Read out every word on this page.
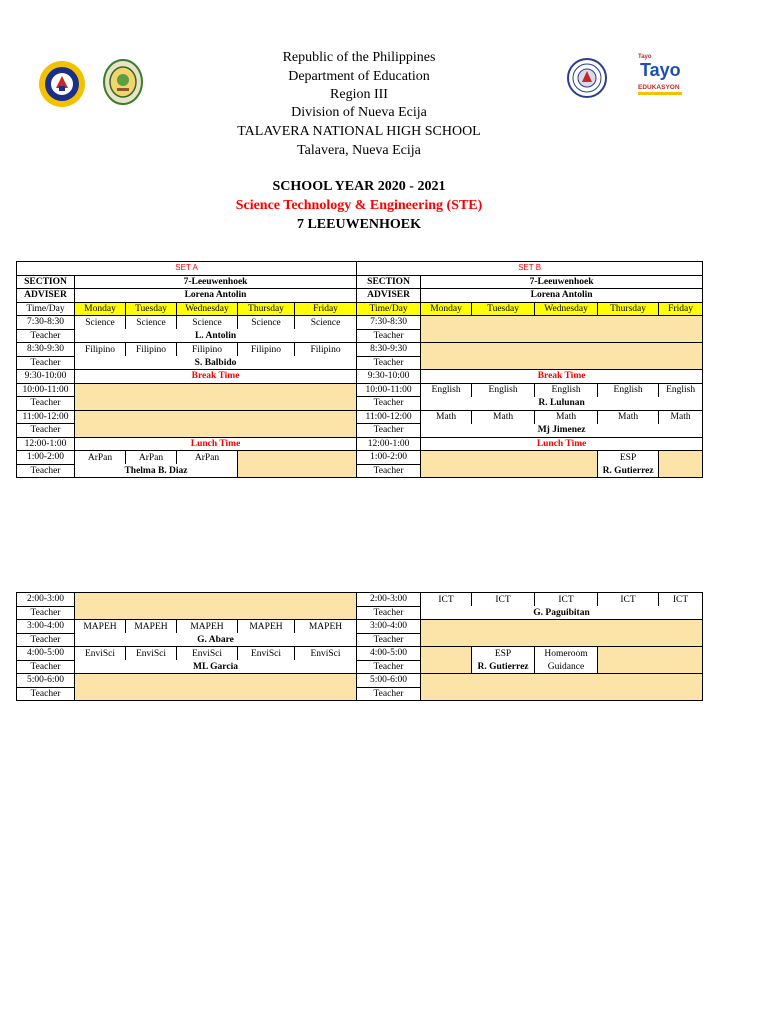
Tayo
Tayo
EDUKASYON
Republic of the Philippines
Department of Education
Region III
Division of Nueva Ecija
TALAVERA NATIONAL HIGH SCHOOL
Talavera, Nueva Ecija
SCHOOL YEAR 2020 - 2021
Science Technology & Engineering (STE)
7 LEEUWENHOEK
SET A						SET B					
SECTION	7-Leeuwenhoek					SECTION	7-Leeuwenhoek				
ADVISER	Lorena Antolin					ADVISER	Lorena Antolin				
Time/Day	Monday	Tuesday	Wednesday	Thursday	Friday	Time/Day	Monday	Tuesday	Wednesday	Thursday	Friday
7:30-8:30	Science	Science	Science	Science	Science	7:30-8:30					
Teacher	L. Antolin					Teacher					
8:30-9:30	Filipino	Filipino	Filipino	Filipino	Filipino	8:30-9:30					
Teacher	S. Balbido					Teacher					
9:30-10:00	Break Time					9:30-10:00	Break Time				
10:00-11:00						10:00-11:00	English	English	English	English	English
Teacher						Teacher	R. Lulunan				
11:00-12:00						11:00-12:00	Math	Math	Math	Math	Math
Teacher						Teacher	Mj Jimenez				
12:00-1:00	Lunch Time					12:00-1:00	Lunch Time				
1:00-2:00	ArPan	ArPan	ArPan			1:00-2:00				ESP	
Teacher	Thelma B. Diaz					Teacher				R. Gutierrez	
2:00-3:00						2:00-3:00	ICT	ICT	ICT	ICT	ICT
Teacher						Teacher	G. Paguibitan				
3:00-4:00	MAPEH	MAPEH	MAPEH	MAPEH	MAPEH	3:00-4:00					
Teacher	G. Abare					Teacher					
4:00-5:00	EnviSci	EnviSci	EnviSci	EnviSci	EnviSci	4:00-5:00		ESP	Homeroom		
Teacher	ML Garcia					Teacher		R. Gutierrez	Guidance		
5:00-6:00						5:00-6:00					
Teacher						Teacher					
